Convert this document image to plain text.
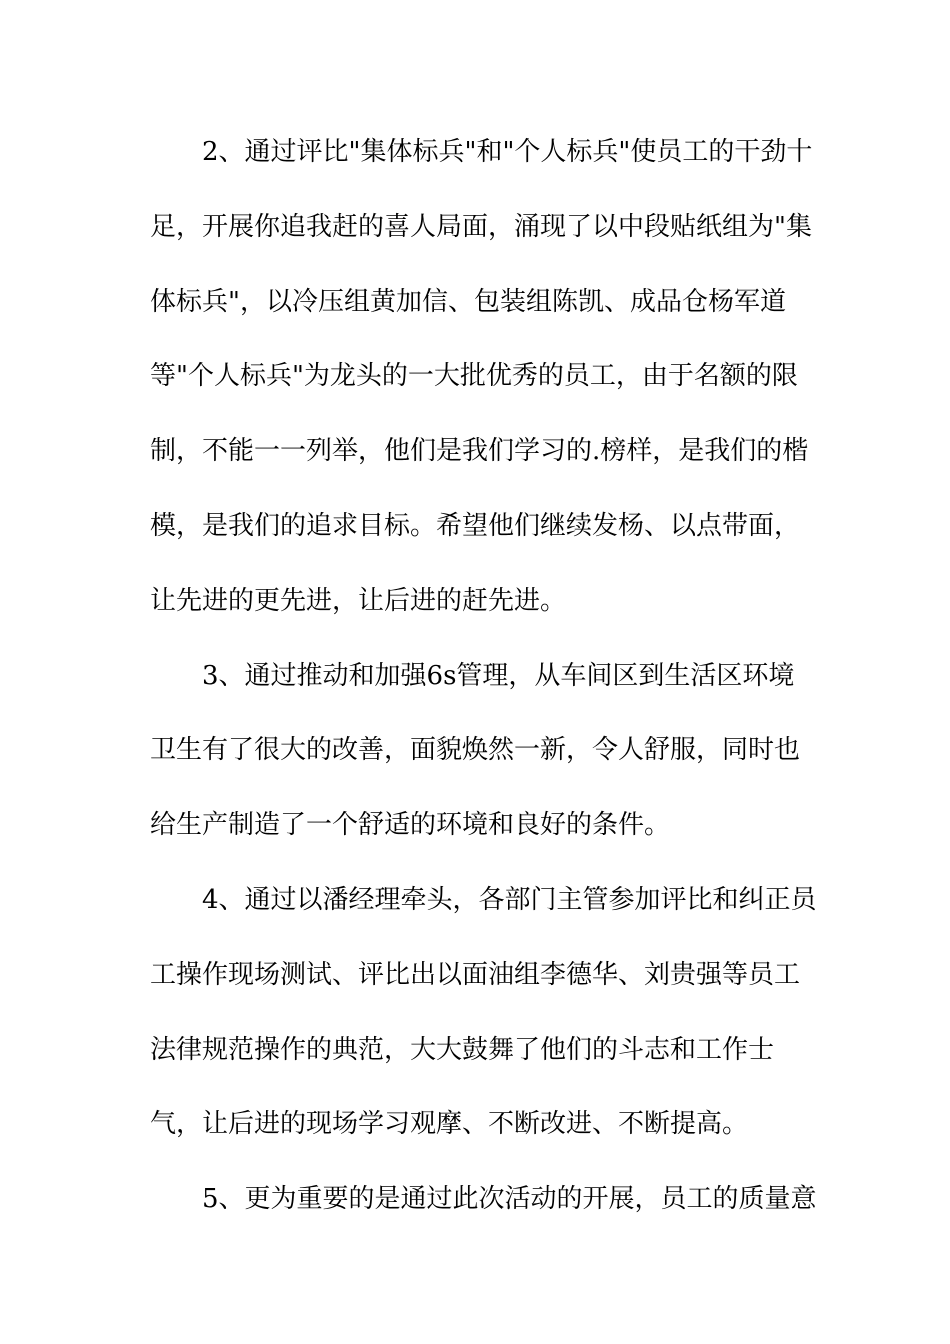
2、通过评比"集体标兵"和"个人标兵"使员工的干劲十
足，开展你追我赶的喜人局面，涌现了以中段贴纸组为"集
体标兵"，以冷压组黄加信、包装组陈凯、成品仓杨军道
等"个人标兵"为龙头的一大批优秀的员工，由于名额的限
制，不能一一列举，他们是我们学习的.榜样，是我们的楷
模，是我们的追求目标。希望他们继续发杨、以点带面，
让先进的更先进，让后进的赶先进。
3、通过推动和加强6s管理，从车间区到生活区环境
卫生有了很大的改善，面貌焕然一新，令人舒服，同时也
给生产制造了一个舒适的环境和良好的条件。
4、通过以潘经理牵头，各部门主管参加评比和纠正员
工操作现场测试、评比出以面油组李德华、刘贵强等员工
法律规范操作的典范，大大鼓舞了他们的斗志和工作士
气，让后进的现场学习观摩、不断改进、不断提高。
5、更为重要的是通过此次活动的开展，员工的质量意
